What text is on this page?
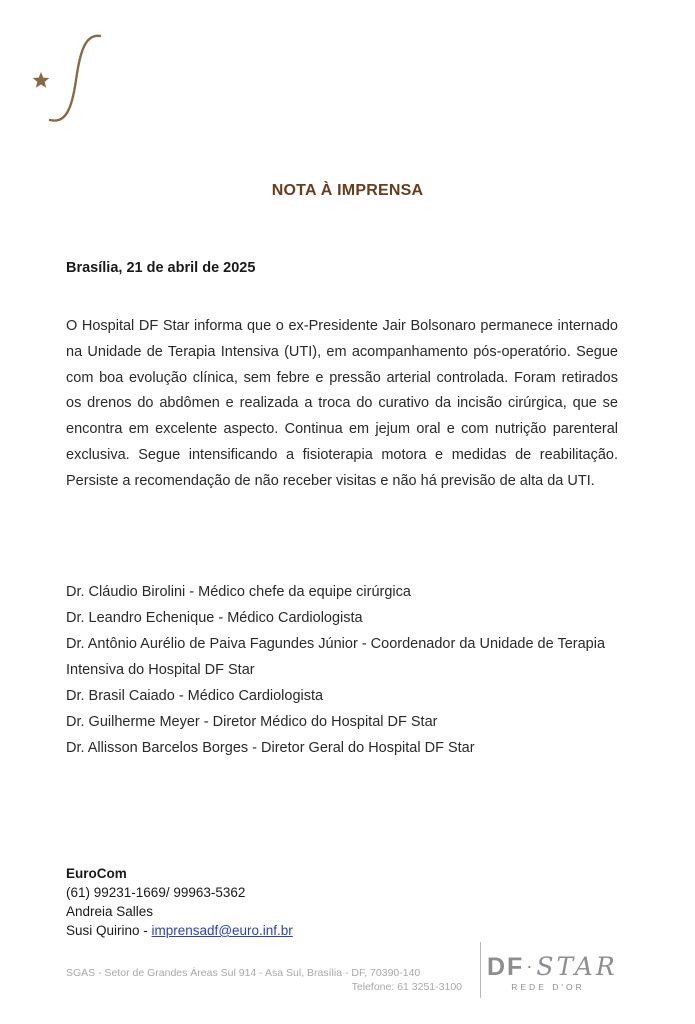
NOTA À IMPRENSA
Brasília, 21 de abril de 2025

O Hospital DF Star informa que o ex-Presidente Jair Bolsonaro permanece internado na Unidade de Terapia Intensiva (UTI), em acompanhamento pós-operatório. Segue com boa evolução clínica, sem febre e pressão arterial controlada. Foram retirados os drenos do abdômen e realizada a troca do curativo da incisão cirúrgica, que se encontra em excelente aspecto. Continua em jejum oral e com nutrição parenteral exclusiva. Segue intensificando a fisioterapia motora e medidas de reabilitação. Persiste a recomendação de não receber visitas e não há previsão de alta da UTI.

Dr. Cláudio Birolini - Médico chefe da equipe cirúrgica
Dr. Leandro Echenique - Médico Cardiologista
Dr. Antônio Aurélio de Paiva Fagundes Júnior - Coordenador da Unidade de Terapia Intensiva do Hospital DF Star
Dr. Brasil Caiado - Médico Cardiologista
Dr. Guilherme Meyer - Diretor Médico do Hospital DF Star
Dr. Allisson Barcelos Borges - Diretor Geral do Hospital DF Star
EuroCom
(61) 99231-1669/ 99963-5362
Andreia Salles
Susi Quirino - imprensadf@euro.inf.br
SGAS - Setor de Grandes Áreas Sul 914 - Asa Sul, Brasília - DF, 70390-140
Telefone: 61 3251-3100
DF ·STAR
REDE D'OR
